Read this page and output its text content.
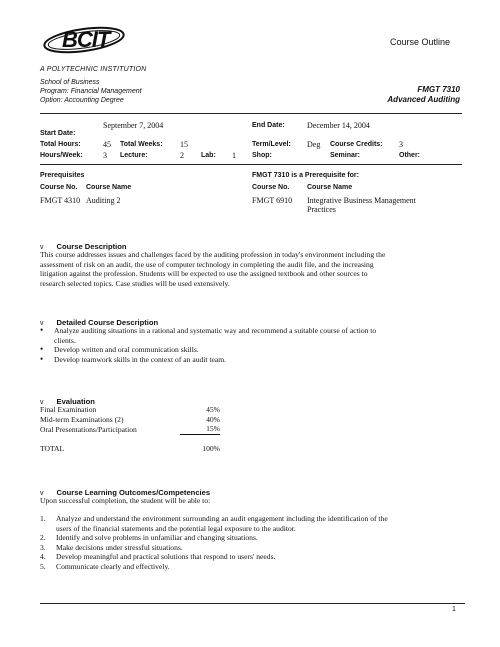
BCIT
A POLYTECHNIC INSTITUTION
Course Outline
School of Business
Program: Financial Management
Option: Accounting Degree
FMGT 7310
Advanced Auditing
Start Date:
September 7, 2004	End Date:	December 14, 2004
Total Hours:	45 Total Weeks: 15	Term/Level: Deg Course Credits: 3
Hours/Week:	3 Lecture:	2 Lab: 1 Shop:	Seminar:	Other:
Prerequisites
Course No. Course Name
FMGT 4310 Auditing 2
FMGT 7310 is a Prerequisite for:
Course No.	Course Name
FMGT 6910 Integrative Business Management
Practices
v Course Description
This course addresses issues and challenges faced by the auditing profession in today's environment including the
assessment of risk on an audit, the use of computer technology in completing the audit file, and the increasing
litigation against the profession. Students will be expected to use the assigned textbook and other sources to
research selected topics. Case studies will be used extensively.
v Detailed Course Description
• Analyze auditing situations in a rational and systematic way and recommend a suitable course of action to
clients.
• Develop written and oral communication skills.
• Develop teamwork skills in the context of an audit team.
v Evaluation
Final Examination	45%
Mid-term Examinations (2)	40%
Oral Presentations/Participation	15%

TOTAL	100%
v Course Learning Outcomes/Competencies
Upon successful completion, the student will be able to:
1. Analyze and understand the environment surrounding an audit engagement including the identification of the
users of the financial statements and the potential legal exposure to the auditor.
2. Identify and solve problems in unfamiliar and changing situations.
3. Make decisions under stressful situations.
4. Develop meaningful and practical solutions that respond to users' needs.
5. Communicate clearly and effectively.
1
